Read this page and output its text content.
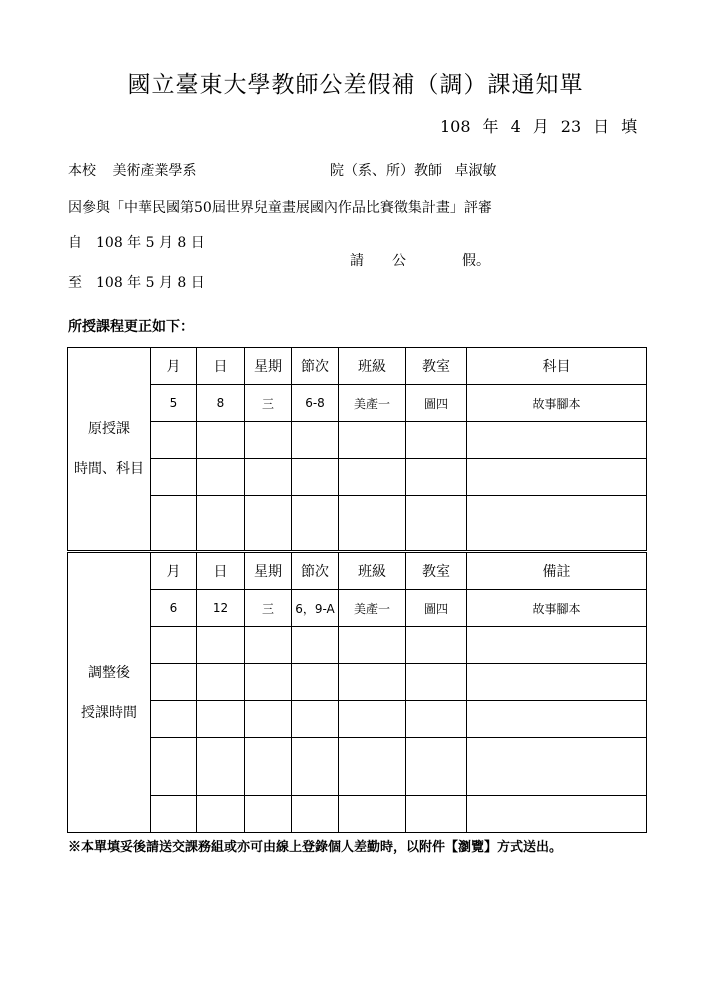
國立臺東大學教師公差假補（調）課通知單
108 年 4 月 23 日 填
本校 美術產業學系	院（系、所）教師 卓淑敏
因參與「中華民國第50屆世界兒童畫展國內作品比賽徵集計畫」評審
自　108 年 5 月 8 日
請　　公　　　　假。
至　108 年 5 月 8 日
所授課程更正如下：
原授課
時間、科目	月	日	星期	節次	班級	教室	科目
	5	8	三	6-8	美產一	圖四	故事腳本

調整後
授課時間	月	日	星期	節次	班級	教室	備註
	6	12	三	6，9-A	美產一	圖四	故事腳本

※本單填妥後請送交課務組或亦可由線上登錄個人差勤時，以附件【瀏覽】方式送出。
